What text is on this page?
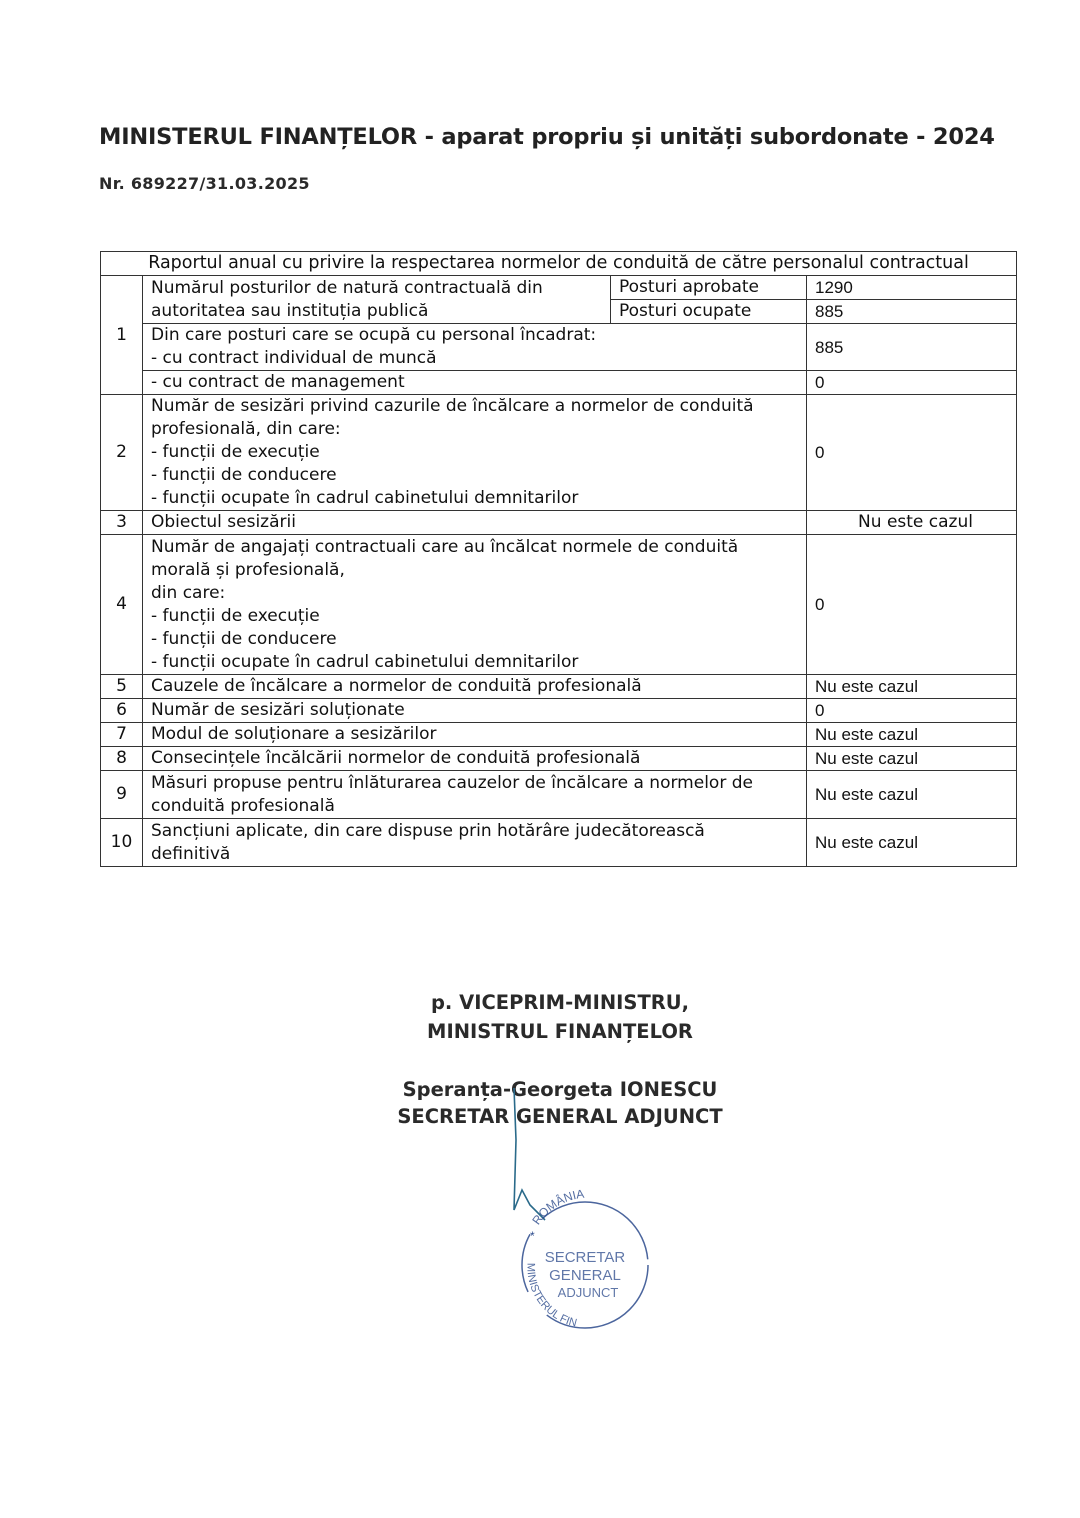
MINISTERUL FINANȚELOR - aparat propriu și unități subordonate - 2024
Nr. 689227/31.03.2025
Raportul anual cu privire la respectarea normelor de conduită de către personalul contractual			
1	Numărul posturilor de natură contractuală din
autoritatea sau instituția publică	Posturi aprobate	1290
		Posturi ocupate	885

	Din care posturi care se ocupă cu personal încadrat:
- cu contract individual de muncă		885
	- cu contract de management		0
2	Număr de sesizări privind cazurile de încălcare a normelor de conduită
profesională, din care:
- funcții de execuție
- funcții de conducere
- funcții ocupate în cadrul cabinetului demnitarilor		0
3	Obiectul sesizării		Nu este cazul
4	
Număr de angajați contractuali care au încălcat normele de conduită
morală și profesională,
din care:
- funcții de execuție
- funcții de conducere
- funcții ocupate în cadrul cabinetului demnitarilor
	0
5	Cauzele de încălcare a normelor de conduită profesională		Nu este cazul
6	Număr de sesizări soluționate		0
7	Modul de soluționare a sesizărilor		Nu este cazul
8	Consecințele încălcării normelor de conduită profesională		Nu este cazul
9	Măsuri propuse pentru înlăturarea cauzelor de încălcare a normelor de
conduită profesională		Nu este cazul
10	Sancțiuni aplicate, din care dispuse prin hotărâre judecătorească
definitivă		Nu este cazul
p. VICEPRIM-MINISTRU,
MINISTRUL FINANȚELOR
Speranța-Georgeta IONESCU
SECRETAR GENERAL ADJUNCT
ROMÂNIA
*
SECRETAR
GENERAL
ADJUNCT
MINISTERUL FIN
